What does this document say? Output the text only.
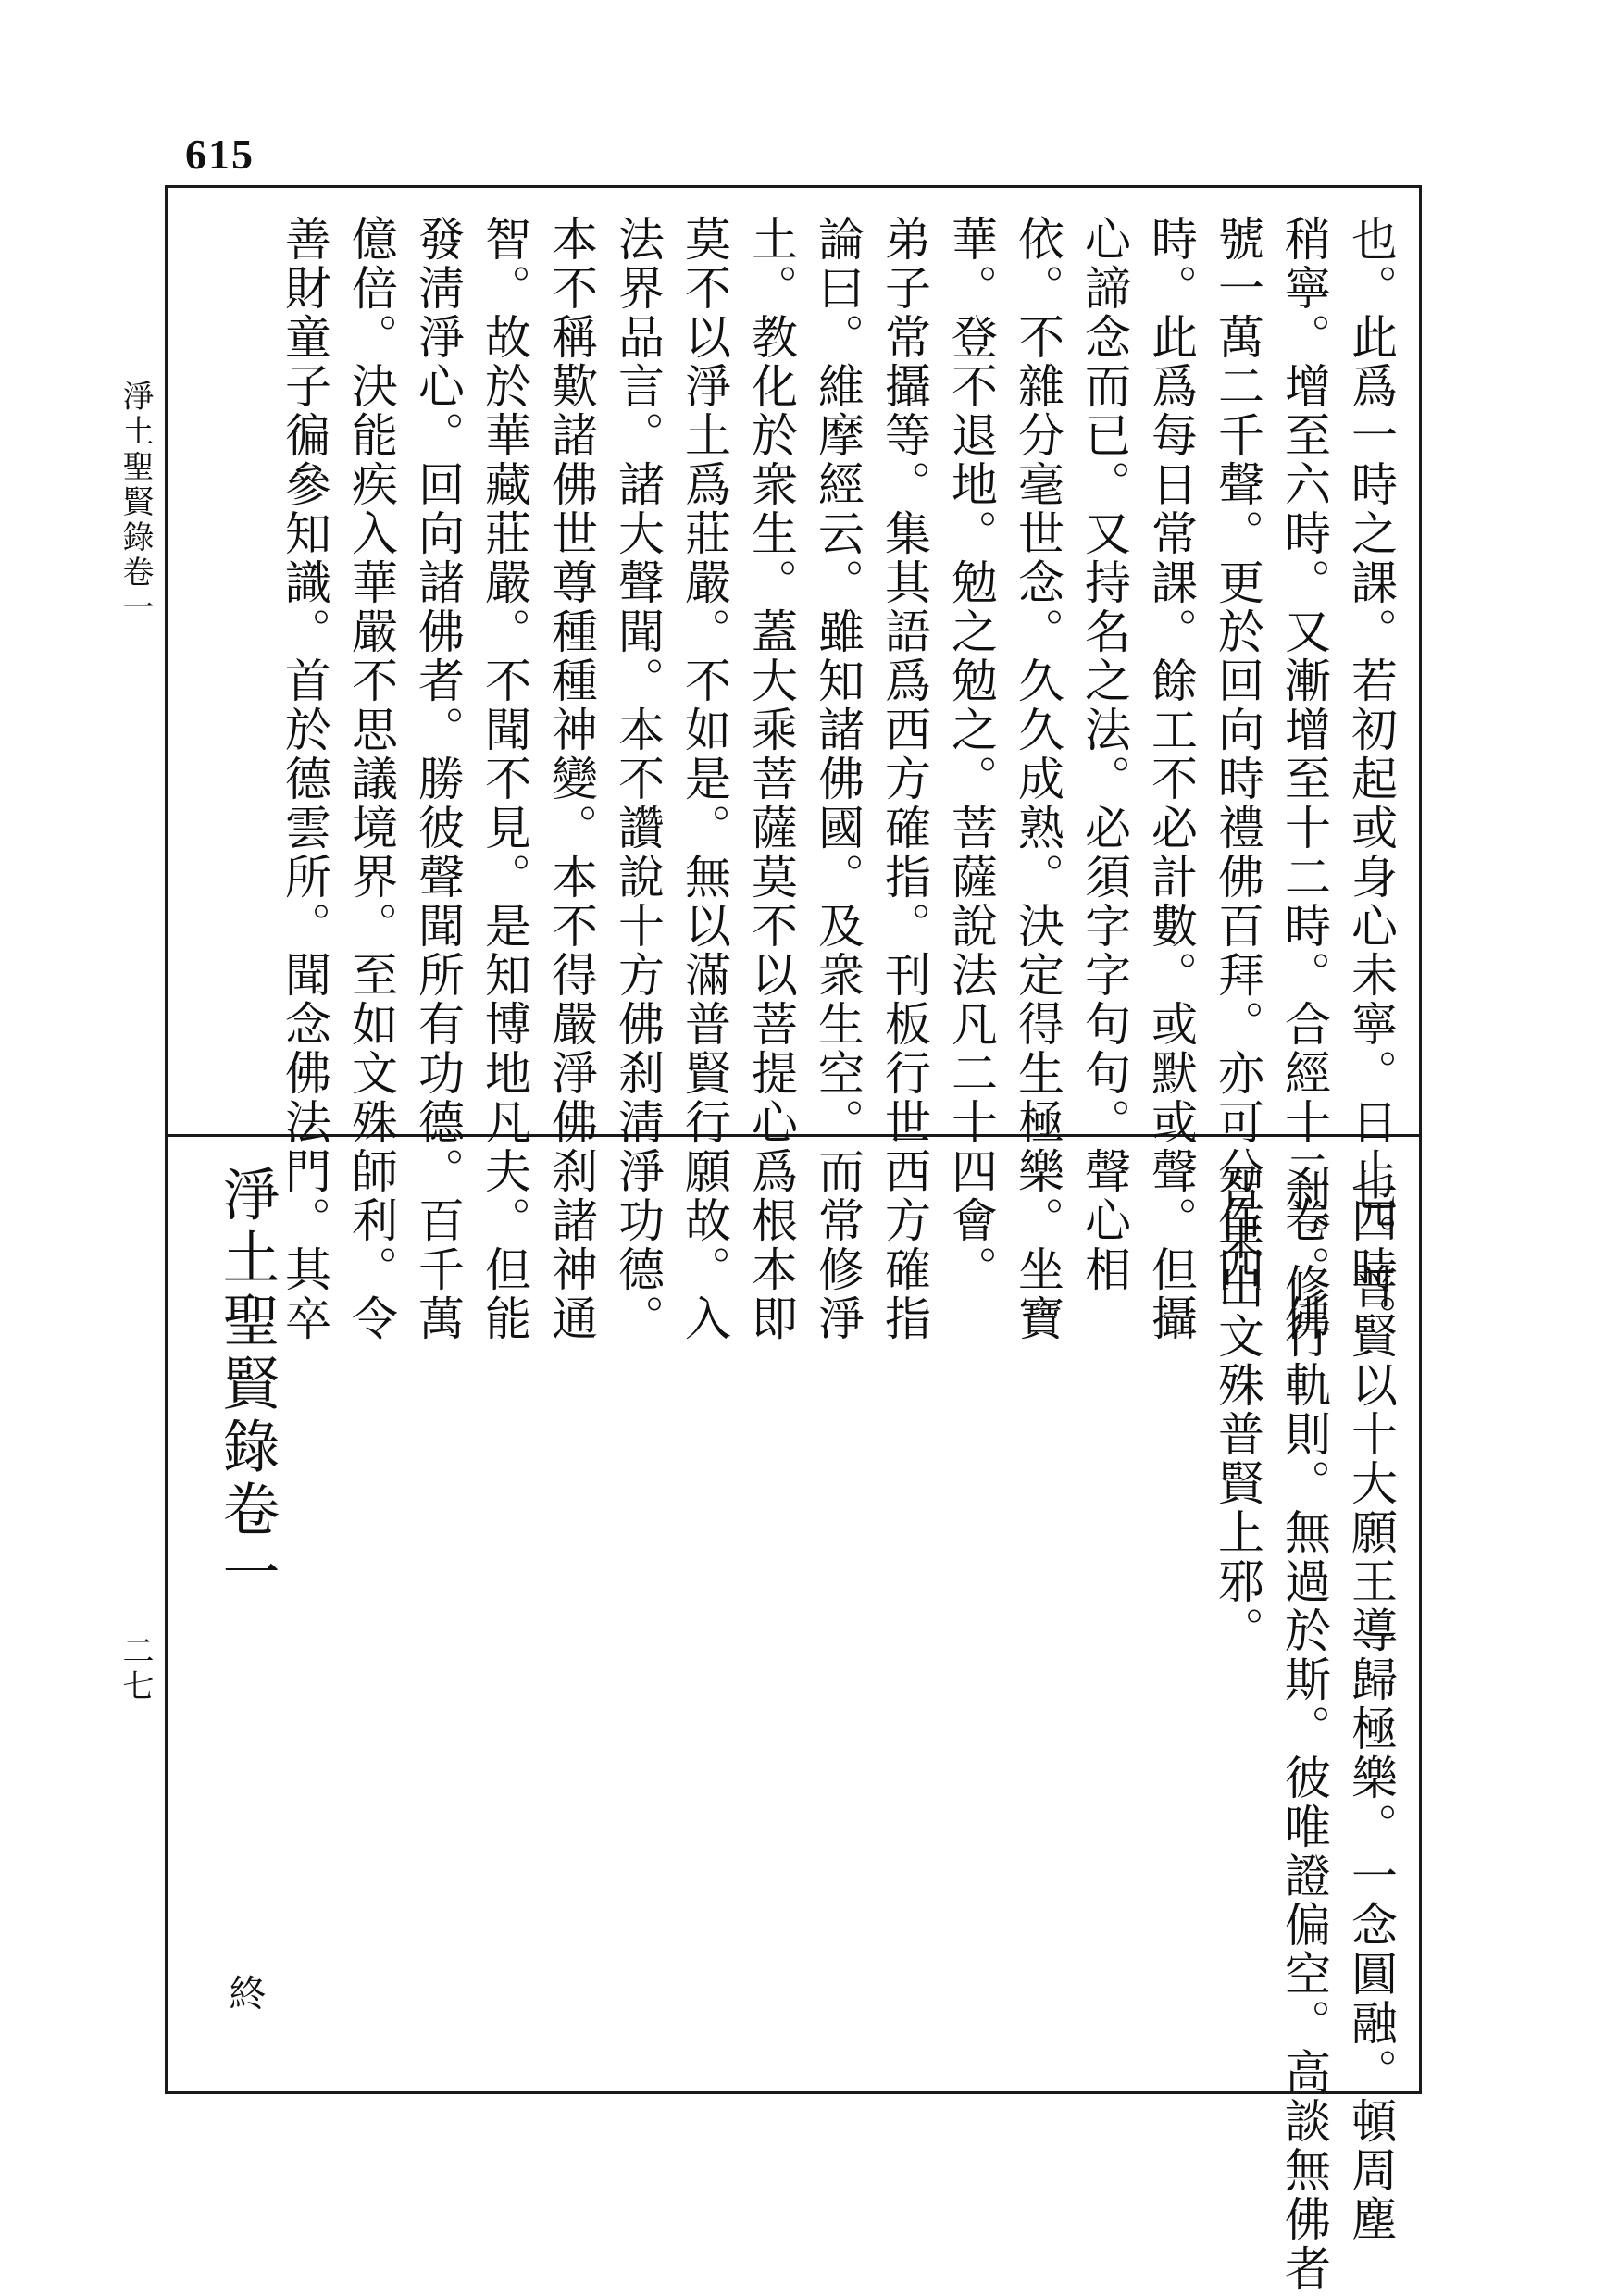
615
淨土聖賢錄卷一
二七
也。此爲一時之課。若初起或身心未寧。日止四時。
稍寧。增至六時。又漸增至十二時。合經十二卷。佛
號一萬二千聲。更於回向時禮佛百拜。亦可分作四
時。此爲每日常課。餘工不必計數。或默或聲。但攝
心諦念而已。又持名之法。必須字字句句。聲心相
依。不雜分毫世念。久久成熟。決定得生極樂。坐寶
華。登不退地。勉之勉之。菩薩說法凡二十四會。
弟子常攝等。集其語爲西方確指。刊板行世西方確指
論曰。維摩經云。雖知諸佛國。及衆生空。而常修淨
土。教化於衆生。蓋大乘菩薩莫不以菩提心爲根本即
莫不以淨土爲莊嚴。不如是。無以滿普賢行願故。入
法界品言。諸大聲聞。本不讚說十方佛刹淸淨功德。
本不稱歎諸佛世尊種種神變。本不得嚴淨佛刹諸神通
智。故於華藏莊嚴。不聞不見。是知博地凡夫。但能
發淸淨心。回向諸佛者。勝彼聲聞所有功德。百千萬
億倍。決能疾入華嚴不思議境界。至如文殊師利。令
善財童子徧參知識。首於德雲所。聞念佛法門。其卒
也。普賢以十大願王導歸極樂。一念圓融。頓周塵
刹。修行軌則。無過於斯。彼唯證偏空。高談無佛者
智果出文殊普賢上邪。
淨土聖賢錄卷一
終
